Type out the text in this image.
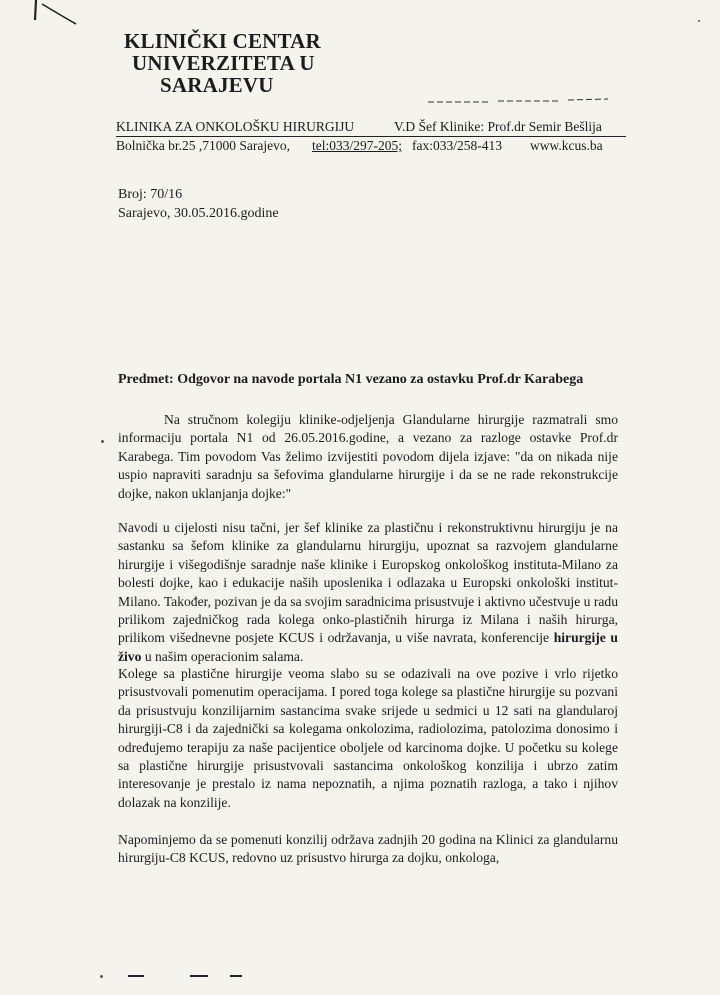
KLINIČKI CENTAR
UNIVERZITETA U
SARAJEVU
KLINIKA ZA ONKOLOŠKU HIRURGIJU	V.D Šef Klinike: Prof.dr Semir Bešlija
Bolnička br.25 ,71000 Sarajevo, tel:033/297-205; fax:033/258-413 www.kcus.ba
Broj: 70/16
Sarajevo, 30.05.2016.godine
Predmet: Odgovor na navode portala N1 vezano za ostavku Prof.dr Karabega

Na stručnom kolegiju klinike-odjeljenja Glandularne hirurgije razmatrali smo informaciju portala N1 od 26.05.2016.godine, a vezano za razloge ostavke Prof.dr Karabega. Tim povodom Vas želimo izvijestiti povodom dijela izjave: "da on nikada nije uspio napraviti saradnju sa šefovima glandularne hirurgije i da se ne rade rekonstrukcije dojke, nakon uklanjanja dojke:"

Navodi u cijelosti nisu tačni, jer šef klinike za plastičnu i rekonstruktivnu hirurgiju je na sastanku sa šefom klinike za glandularnu hirurgiju, upoznat sa razvojem glandularne hirurgije i višegodišnje saradnje naše klinike i Europskog onkološkog instituta-Milano za bolesti dojke, kao i edukacije naših uposlenika i odlazaka u Europski onkološki institut-Milano. Također, pozivan je da sa svojim saradnicima prisustvuje i aktivno učestvuje u radu prilikom zajedničkog rada kolega onko-plastičnih hirurga iz Milana i naših hirurga, prilikom višednevne posjete KCUS i održavanja, u više navrata, konferencije hirurgije u živo u našim operacionim salama.

Kolege sa plastične hirurgije veoma slabo su se odazivali na ove pozive i vrlo rijetko prisustvovali pomenutim operacijama. I pored toga kolege sa plastične hirurgije su pozvani da prisustvuju konzilijarnim sastancima svake srijede u sedmici u 12 sati na glandularoj hirurgiji-C8 i da zajednički sa kolegama onkolozima, radiolozima, patolozima donosimo i određujemo terapiju za naše pacijentice oboljele od karcinoma dojke. U početku su kolege sa plastične hirurgije prisustvovali sastancima onkološkog konzilija i ubrzo zatim interesovanje je prestalo iz nama nepoznatih, a njima poznatih razloga, a tako i njihov dolazak na konzilije.

Napominjemo da se pomenuti konzilij održava zadnjih 20 godina na Klinici za glandularnu hirurgiju-C8 KCUS, redovno uz prisustvo hirurga za dojku, onkologa,
